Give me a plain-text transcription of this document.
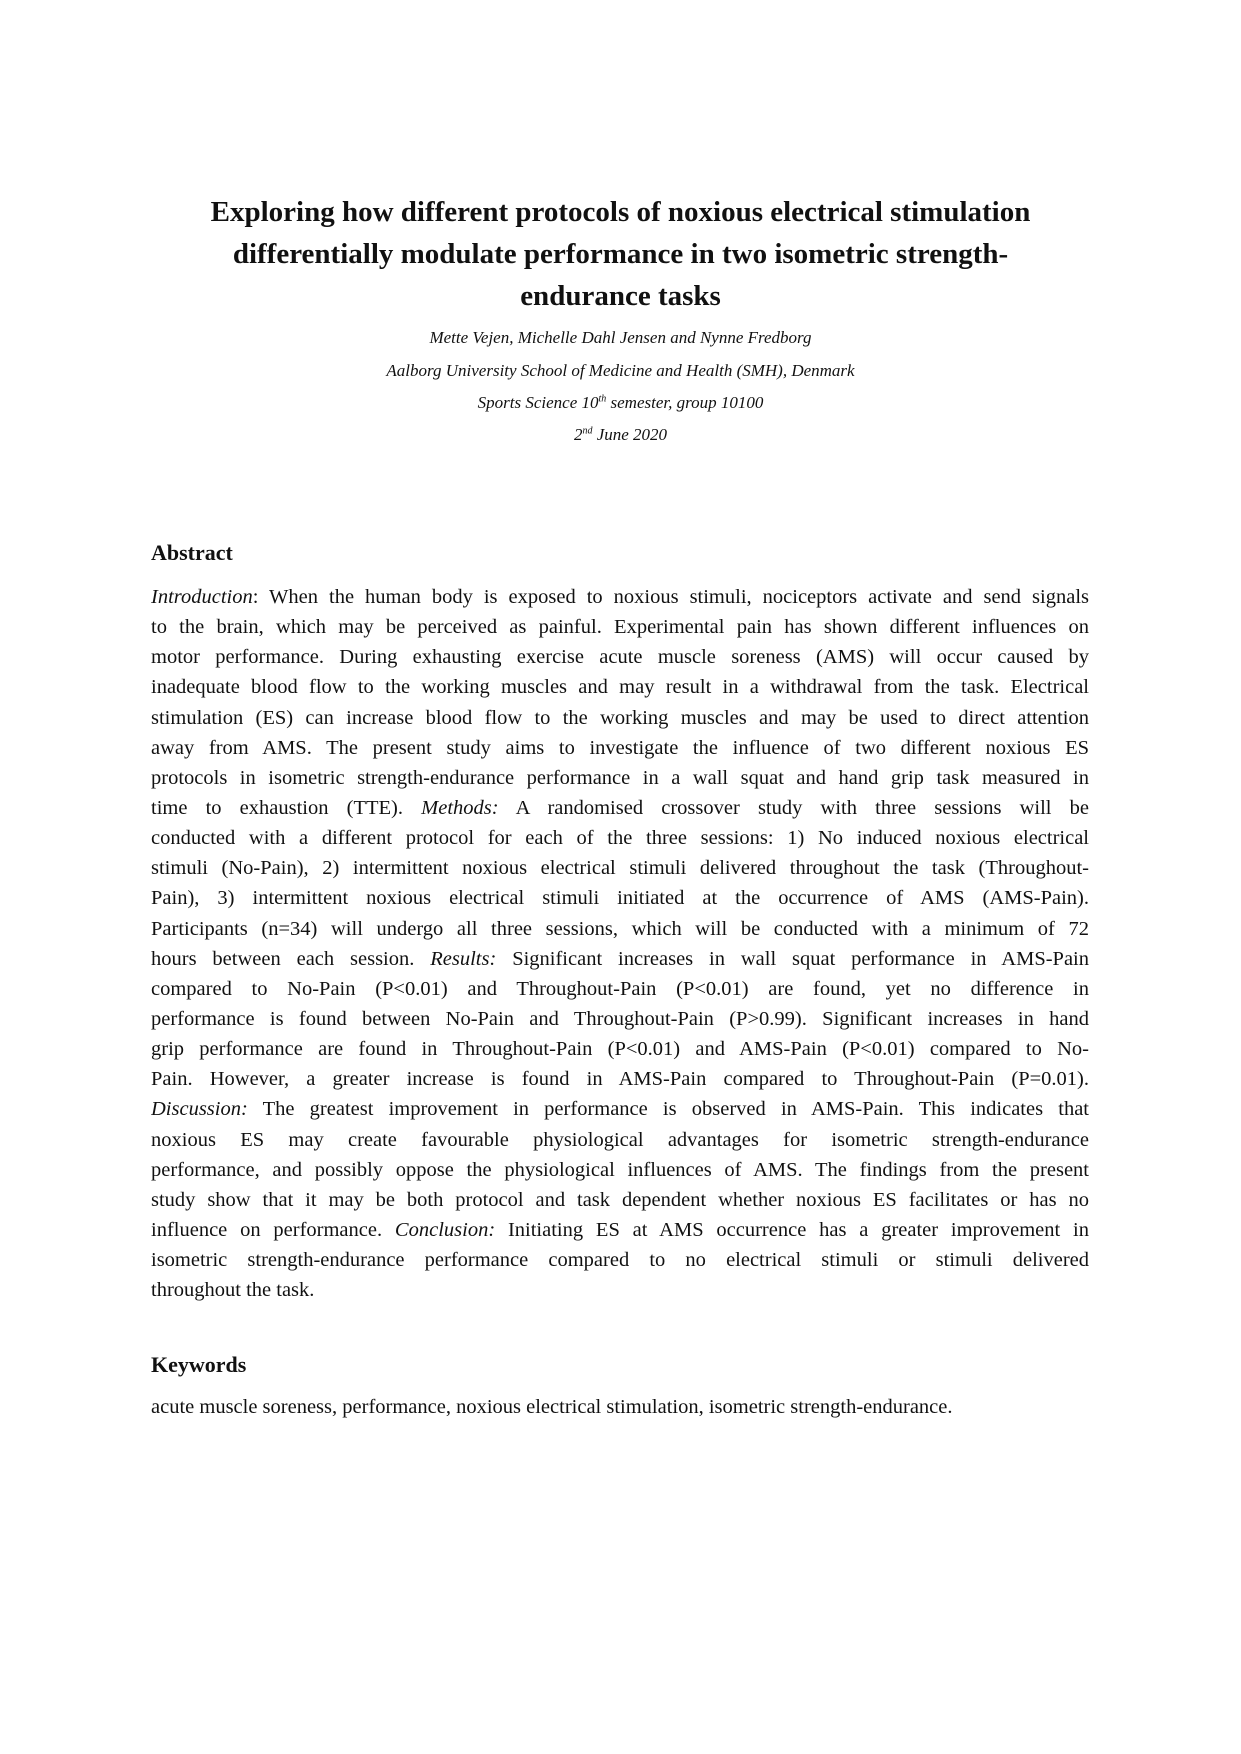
Exploring how different protocols of noxious electrical stimulation
differentially modulate performance in two isometric strength-
endurance tasks
Mette Vejen, Michelle Dahl Jensen and Nynne Fredborg
Aalborg University School of Medicine and Health (SMH), Denmark
Sports Science 10th semester, group 10100
2nd June 2020
Abstract
Introduction: When the human body is exposed to noxious stimuli, nociceptors activate and send signals
to the brain, which may be perceived as painful. Experimental pain has shown different influences on
motor performance. During exhausting exercise acute muscle soreness (AMS) will occur caused by
inadequate blood flow to the working muscles and may result in a withdrawal from the task. Electrical
stimulation (ES) can increase blood flow to the working muscles and may be used to direct attention
away from AMS. The present study aims to investigate the influence of two different noxious ES
protocols in isometric strength-endurance performance in a wall squat and hand grip task measured in
time to exhaustion (TTE). Methods: A randomised crossover study with three sessions will be
conducted with a different protocol for each of the three sessions: 1) No induced noxious electrical
stimuli (No-Pain), 2) intermittent noxious electrical stimuli delivered throughout the task (Throughout-
Pain), 3) intermittent noxious electrical stimuli initiated at the occurrence of AMS (AMS-Pain).
Participants (n=34) will undergo all three sessions, which will be conducted with a minimum of 72
hours between each session. Results: Significant increases in wall squat performance in AMS-Pain
compared to No-Pain (P<0.01) and Throughout-Pain (P<0.01) are found, yet no difference in
performance is found between No-Pain and Throughout-Pain (P>0.99). Significant increases in hand
grip performance are found in Throughout-Pain (P<0.01) and AMS-Pain (P<0.01) compared to No-
Pain. However, a greater increase is found in AMS-Pain compared to Throughout-Pain (P=0.01).
Discussion: The greatest improvement in performance is observed in AMS-Pain. This indicates that
noxious ES may create favourable physiological advantages for isometric strength-endurance
performance, and possibly oppose the physiological influences of AMS. The findings from the present
study show that it may be both protocol and task dependent whether noxious ES facilitates or has no
influence on performance. Conclusion: Initiating ES at AMS occurrence has a greater improvement in
isometric strength-endurance performance compared to no electrical stimuli or stimuli delivered
throughout the task.
Keywords
acute muscle soreness, performance, noxious electrical stimulation, isometric strength-endurance.
